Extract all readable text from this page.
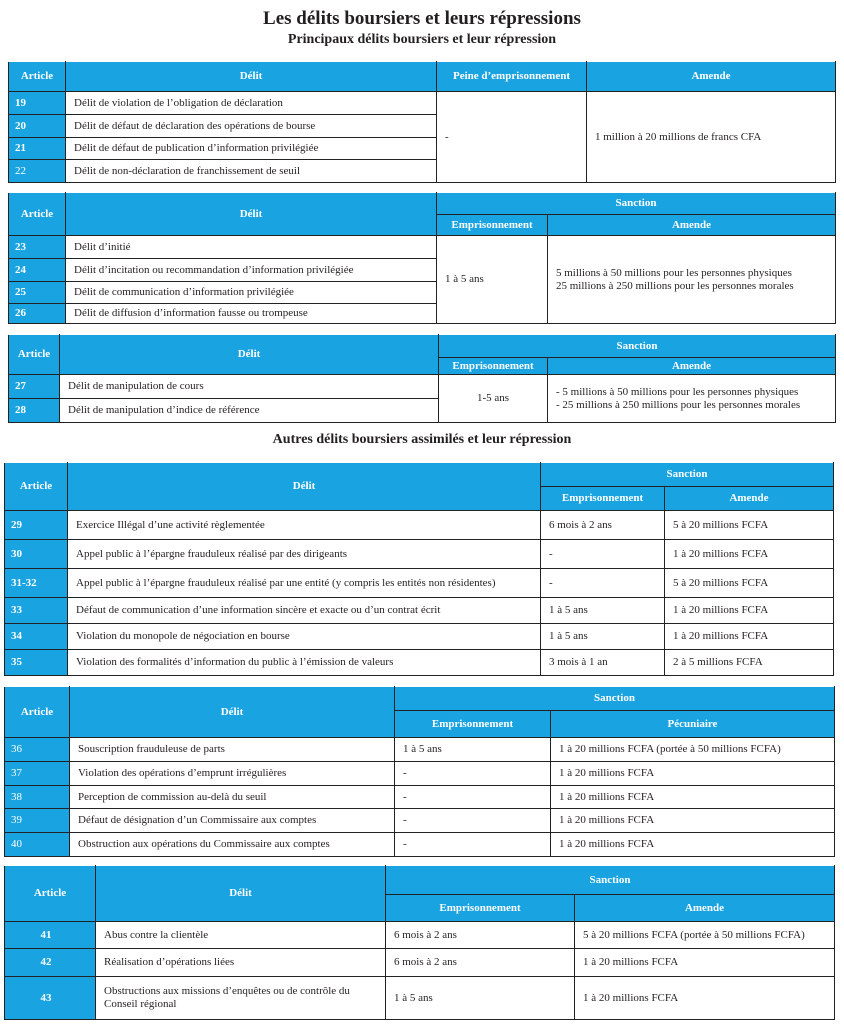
Les délits boursiers et leurs répressions
Principaux délits boursiers et leur répression
Article	Délit	Peine d’emprisonnement	Amende
19	Délit de violation de l’obligation de déclaration	-	1 million à 20 millions de francs CFA
20	Délit de défaut de déclaration des opérations de bourse		
21	Délit de défaut de publication d’information privilégiée		
22	Délit de non-déclaration de franchissement de seuil		
Article	Délit	Sanction	
		Emprisonnement	Amende
23	Délit d’initié	1 à 5 ans	5 millions à 50 millions pour les personnes physiques
25 millions à 250 millions pour les personnes morales

24	Délit d’incitation ou recommandation d’information privilégiée		
25	Délit de communication d’information privilégiée		
26	Délit de diffusion d’information fausse ou trompeuse		
Article	Délit	Sanction	
		Emprisonnement	Amende
27	Délit de manipulation de cours	1-5 ans	- 5 millions à 50 millions pour les personnes physiques
- 25 millions à 250 millions pour les personnes morales

28	Délit de manipulation d’indice de référence		
Autres délits boursiers assimilés et leur répression
Article	Délit	Sanction	
		Emprisonnement	Amende
29	Exercice Illégal d’une activité règlementée	6 mois à 2 ans	5 à 20 millions FCFA
30	Appel public à l’épargne frauduleux réalisé par des dirigeants	-	1 à 20 millions FCFA
31-32	Appel public à l’épargne frauduleux réalisé par une entité (y compris les entités non résidentes)	-	5 à 20 millions FCFA
33	Défaut de communication d’une information sincère et exacte ou d’un contrat écrit	1 à 5 ans	1 à 20 millions FCFA
34	Violation du monopole de négociation en bourse	1 à 5 ans	1 à 20 millions FCFA
35	Violation des formalités d’information du public à l’émission de valeurs	3 mois à 1 an	2 à 5 millions FCFA
Article	Délit	Sanction	
		Emprisonnement	Pécuniaire
36	Souscription frauduleuse de parts	1 à 5 ans	1 à 20 millions FCFA (portée à 50 millions FCFA)
37	Violation des opérations d’emprunt irrégulières	-	1 à 20 millions FCFA
38	Perception de commission au-delà du seuil	-	1 à 20 millions FCFA
39	Défaut de désignation d’un Commissaire aux comptes	-	1 à 20 millions FCFA
40	Obstruction aux opérations du Commissaire aux comptes	-	1 à 20 millions FCFA
Article	Délit	Sanction	
		Emprisonnement	Amende
41	Abus contre la clientèle	6 mois à 2 ans	5 à 20 millions FCFA (portée à 50 millions FCFA)
42	Réalisation d’opérations liées	6 mois à 2 ans	1 à 20 millions FCFA
43	Obstructions aux missions d’enquêtes ou de contrôle du Conseil régional	1 à 5 ans	1 à 20 millions FCFA
